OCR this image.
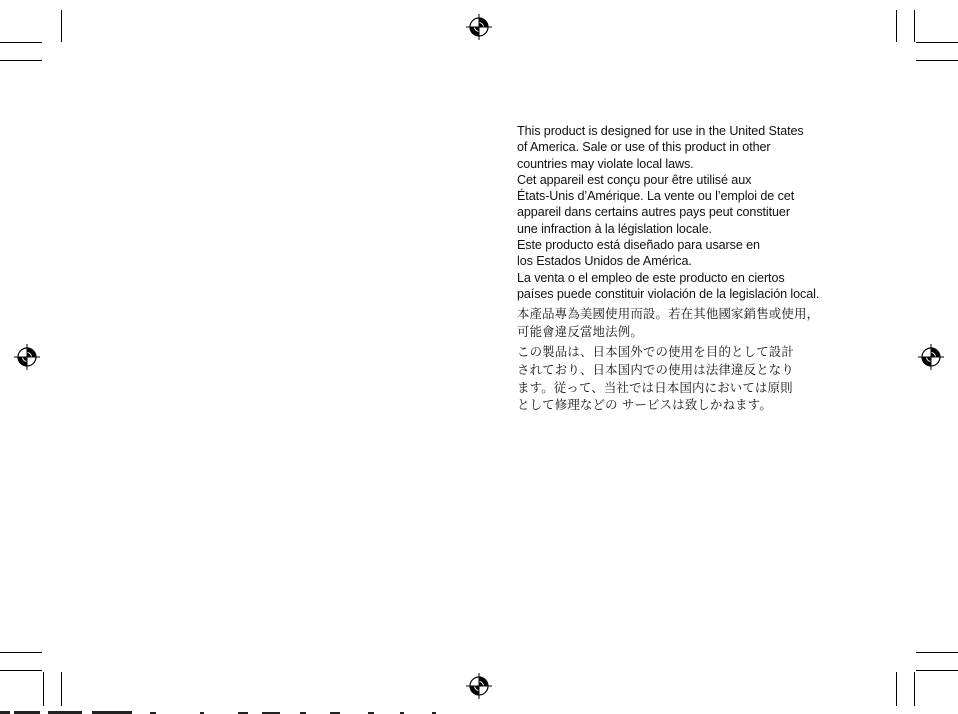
This product is designed for use in the United States
of America. Sale or use of this product in other
countries may violate local laws.
Cet appareil est conçu pour être utilisé aux
États-Unis d’Amérique. La vente ou l’emploi de cet
appareil dans certains autres pays peut constituer
une infraction à la législation locale.
Este producto está diseñado para usarse en
los Estados Unidos de América.
La venta o el empleo de este producto en ciertos
países puede constituir violación de la legislación local.
本產品專為美國使用而設。若在其他國家銷售或使用，
可能會違反當地法例。
この製品は、日本国外での使用を目的として設計
されており、日本国内での使用は法律違反となり
ます。従って、当社では日本国内においては原則
として修理などの サービスは致しかねます。
